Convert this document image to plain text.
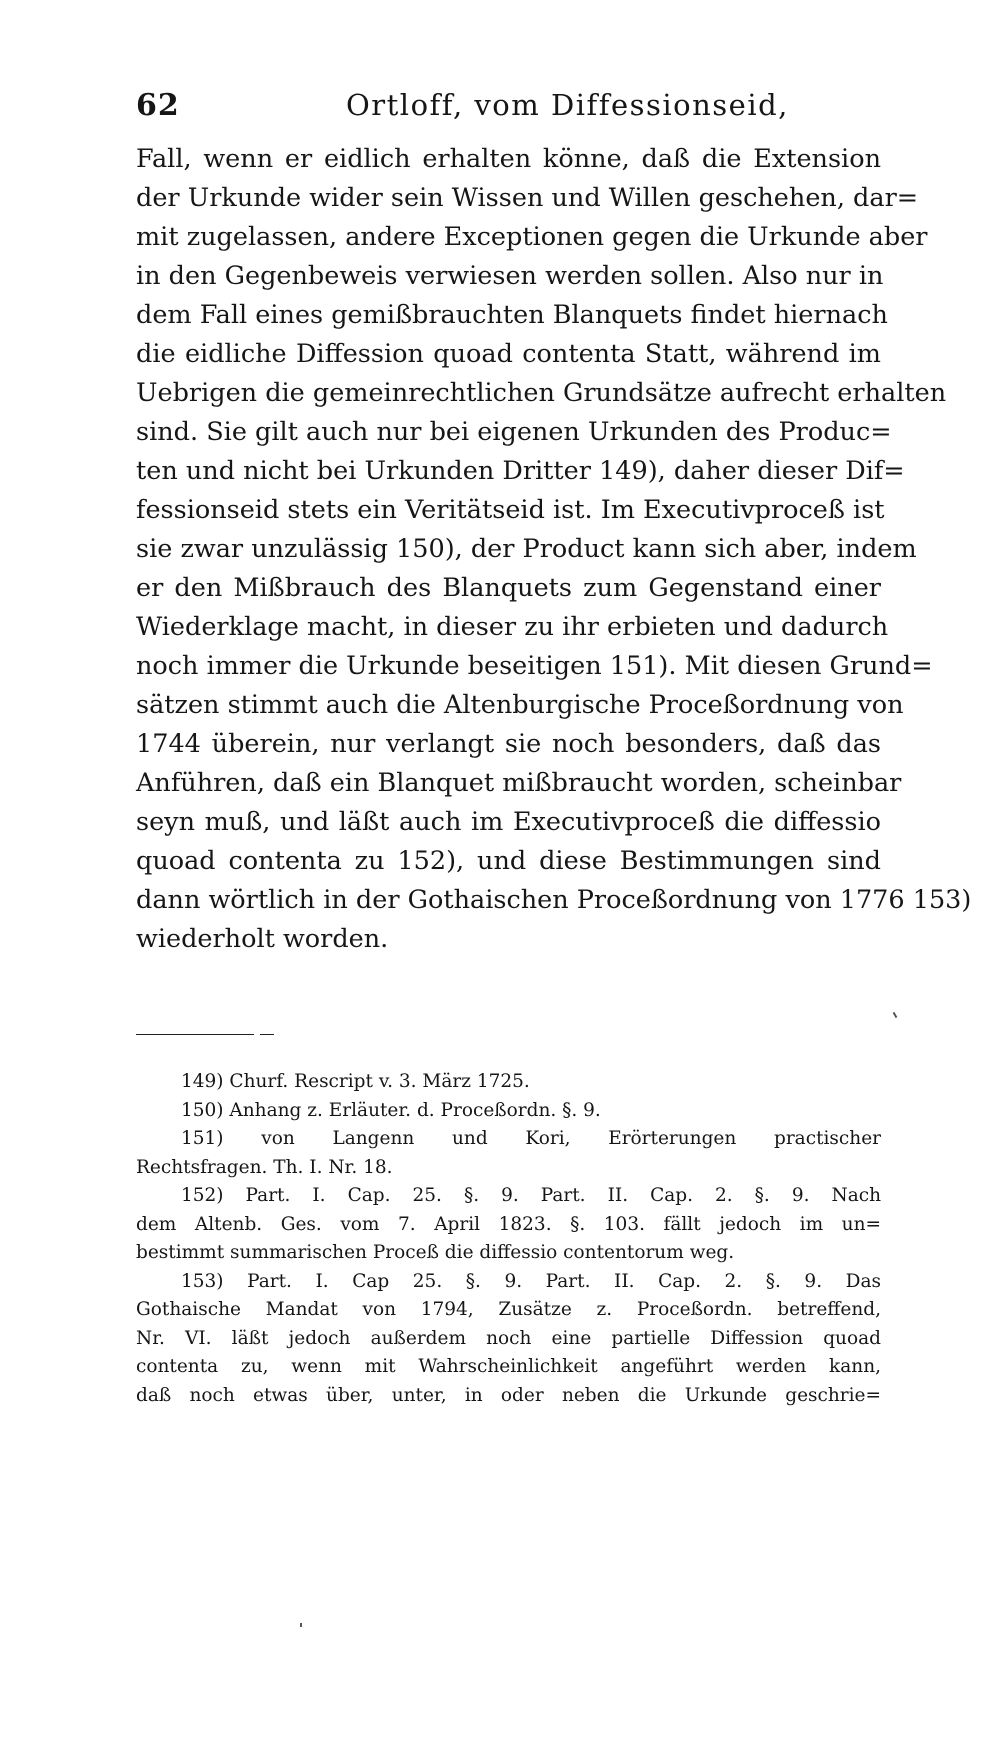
62	Ortloff, vom Diffessionseid,
Fall, wenn er eidlich erhalten könne, daß die Extension
der Urkunde wider sein Wissen und Willen geschehen, dar=
mit zugelassen, andere Exceptionen gegen die Urkunde aber
in den Gegenbeweis verwiesen werden sollen. Also nur in
dem Fall eines gemißbrauchten Blanquets findet hiernach
die eidliche Diffession quoad contenta Statt, während im
Uebrigen die gemeinrechtlichen Grundsätze aufrecht erhalten
sind. Sie gilt auch nur bei eigenen Urkunden des Produc=
ten und nicht bei Urkunden Dritter 149), daher dieser Dif=
fessionseid stets ein Veritätseid ist. Im Executivproceß ist
sie zwar unzulässig 150), der Product kann sich aber, indem
er den Mißbrauch des Blanquets zum Gegenstand einer
Wiederklage macht, in dieser zu ihr erbieten und dadurch
noch immer die Urkunde beseitigen 151). Mit diesen Grund=
sätzen stimmt auch die Altenburgische Proceßordnung von
1744 überein, nur verlangt sie noch besonders, daß das
Anführen, daß ein Blanquet mißbraucht worden, scheinbar
seyn muß, und läßt auch im Executivproceß die diffessio
quoad contenta zu 152), und diese Bestimmungen sind
dann wörtlich in der Gothaischen Proceßordnung von 1776 153)
wiederholt worden.
149) Churf. Rescript v. 3. März 1725.
150) Anhang z. Erläuter. d. Proceßordn. §. 9.
151) von Langenn und Kori, Erörterungen practischer
Rechtsfragen. Th. I. Nr. 18.
152) Part. I. Cap. 25. §. 9. Part. II. Cap. 2. §. 9. Nach
dem Altenb. Ges. vom 7. April 1823. §. 103. fällt jedoch im un=
bestimmt summarischen Proceß die diffessio contentorum weg.
153) Part. I. Cap 25. §. 9. Part. II. Cap. 2. §. 9. Das
Gothaische Mandat von 1794, Zusätze z. Proceßordn. betreffend,
Nr. VI. läßt jedoch außerdem noch eine partielle Diffession quoad
contenta zu, wenn mit Wahrscheinlichkeit angeführt werden kann,
daß noch etwas über, unter, in oder neben die Urkunde geschrie=
